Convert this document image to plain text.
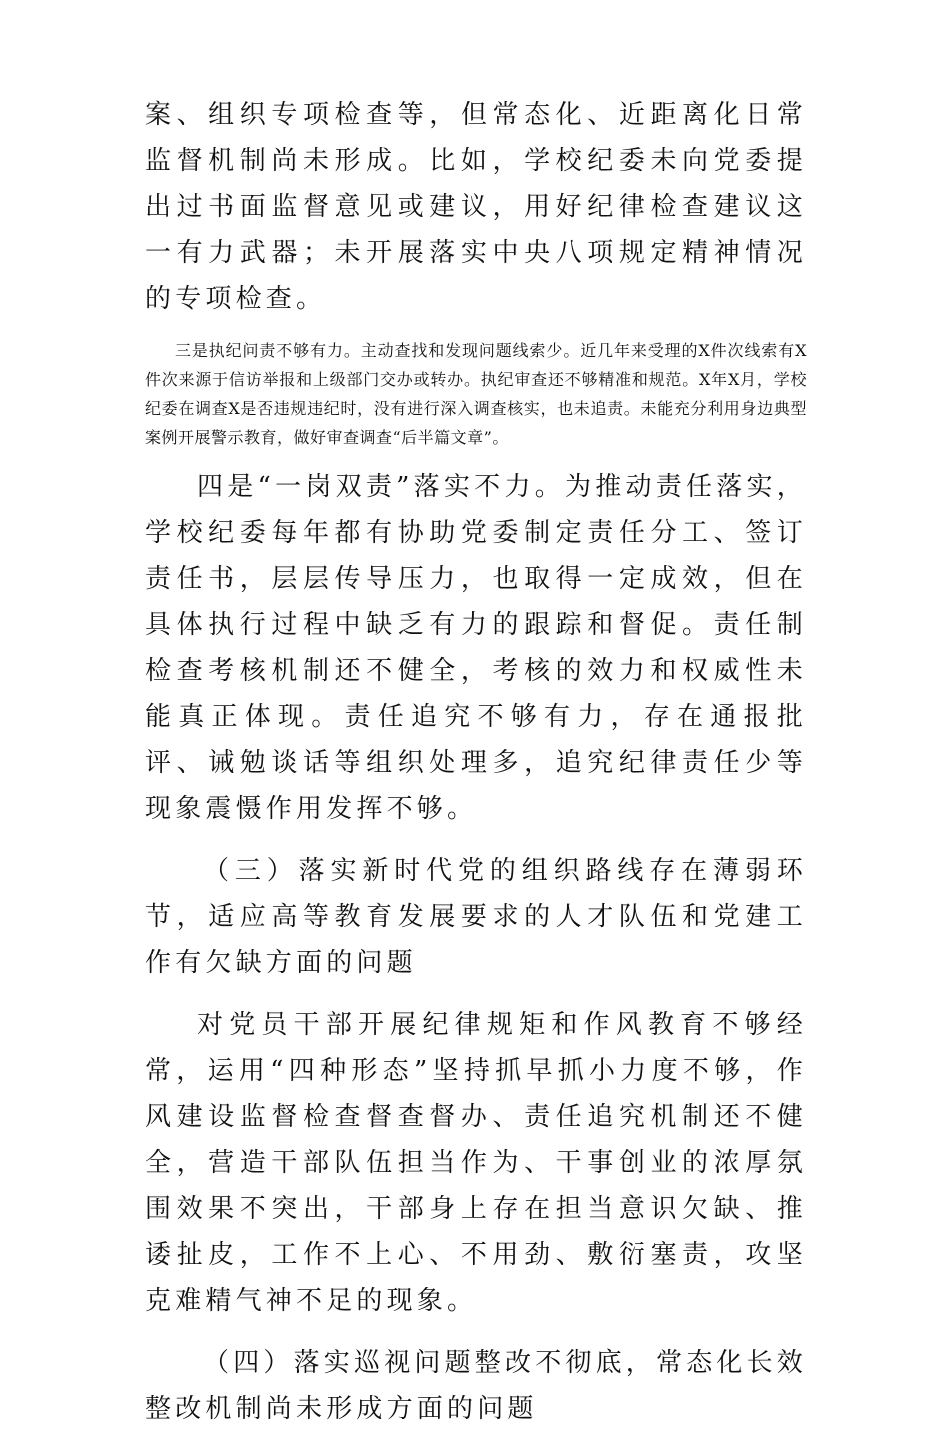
案、组织专项检查等，但常态化、近距离化日常监督机制尚未形成。比如，学校纪委未向党委提出过书面监督意见或建议，用好纪律检查建议这一有力武器；未开展落实中央八项规定精神情况的专项检查。

三是执纪问责不够有力。主动查找和发现问题线索少。近几年来受理的X件次线索有X件次来源于信访举报和上级部门交办或转办。执纪审查还不够精准和规范。X年X月，学校纪委在调查X是否违规违纪时，没有进行深入调查核实，也未追责。未能充分利用身边典型案例开展警示教育，做好审查调查“后半篇文章”。

四是“一岗双责”落实不力。为推动责任落实，学校纪委每年都有协助党委制定责任分工、签订责任书，层层传导压力，也取得一定成效，但在具体执行过程中缺乏有力的跟踪和督促。责任制检查考核机制还不健全，考核的效力和权威性未能真正体现。责任追究不够有力，存在通报批评、诫勉谈话等组织处理多，追究纪律责任少等现象震慑作用发挥不够。

（三）落实新时代党的组织路线存在薄弱环节，适应高等教育发展要求的人才队伍和党建工作有欠缺方面的问题

对党员干部开展纪律规矩和作风教育不够经常，运用“四种形态”坚持抓早抓小力度不够，作风建设监督检查督查督办、责任追究机制还不健全，营造干部队伍担当作为、干事创业的浓厚氛围效果不突出，干部身上存在担当意识欠缺、推诿扯皮，工作不上心、不用劲、敷衍塞责，攻坚克难精气神不足的现象。

（四）落实巡视问题整改不彻底，常态化长效整改机制尚未形成方面的问题
